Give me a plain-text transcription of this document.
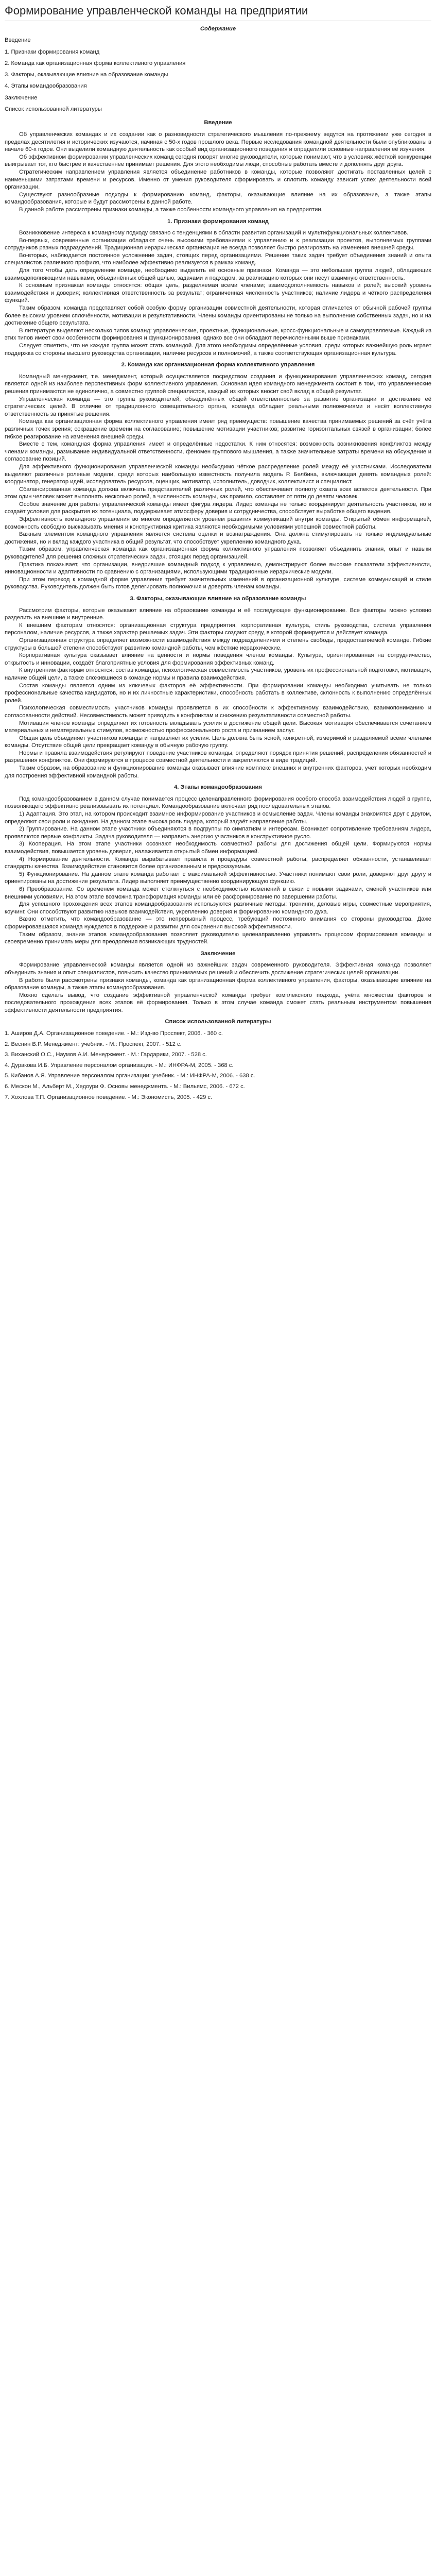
Формирование управленческой команды на предприятии
Содержание
Введение
1. Признаки формирования команд
2. Команда как организационная форма коллективного управления
3. Факторы, оказывающие влияние на образование команды
4. Этапы командообразования
Заключение
Список использованной литературы
Введение

Об управленческих командах и их создании как о разновидности стратегического мышления по-прежнему ведутся на протяжении уже сегодня в пределах десятилетия и исторических изучаются, начиная с 50-х годов прошлого века. Первые исследования командной деятельности были опубликованы в начале 60-х годов. Они выделили командную деятельность как особый вид организационного поведения и определили основные направления её изучения.

Об эффективном формировании управленческих команд сегодня говорят многие руководители, которые понимают, что в условиях жёсткой конкуренции выигрывает тот, кто быстрее и качественнее принимает решения. Для этого необходимы люди, способные работать вместе и дополнять друг друга.

Стратегическим направлением управления является объединение работников в команды, которые позволяют достигать поставленных целей с наименьшими затратами времени и ресурсов. Именно от умения руководителя сформировать и сплотить команду зависит успех деятельности всей организации.

Существуют разнообразные подходы к формированию команд, факторы, оказывающие влияние на их образование, а также этапы командообразования, которые и будут рассмотрены в данной работе.

В данной работе рассмотрены признаки команды, а также особенности командного управления на предприятии.

1. Признаки формирования команд

Возникновение интереса к командному подходу связано с тенденциями в области развития организаций и мультифункциональных коллективов.

Во-первых, современные организации обладают очень высокими требованиями к управлению и к реализации проектов, выполняемых группами сотрудников разных подразделений. Традиционная иерархическая организация не всегда позволяет быстро реагировать на изменения внешней среды.

Во-вторых, наблюдается постоянное усложнение задач, стоящих перед организациями. Решение таких задач требует объединения знаний и опыта специалистов различного профиля, что наиболее эффективно реализуется в рамках команд.

Для того чтобы дать определение команде, необходимо выделить её основные признаки. Команда — это небольшая группа людей, обладающих взаимодополняющими навыками, объединённых общей целью, задачами и подходом, за реализацию которых они несут взаимную ответственность.

К основным признакам команды относятся: общая цель, разделяемая всеми членами; взаимодополняемость навыков и ролей; высокий уровень взаимодействия и доверия; коллективная ответственность за результат; ограниченная численность участников; наличие лидера и чёткого распределения функций.

Таким образом, команда представляет собой особую форму организации совместной деятельности, которая отличается от обычной рабочей группы более высоким уровнем сплочённости, мотивации и результативности. Члены команды ориентированы не только на выполнение собственных задач, но и на достижение общего результата.

В литературе выделяют несколько типов команд: управленческие, проектные, функциональные, кросс-функциональные и самоуправляемые. Каждый из этих типов имеет свои особенности формирования и функционирования, однако все они обладают перечисленными выше признаками.

Следует отметить, что не каждая группа может стать командой. Для этого необходимы определённые условия, среди которых важнейшую роль играет поддержка со стороны высшего руководства организации, наличие ресурсов и полномочий, а также соответствующая организационная культура.

2. Команда как организационная форма коллективного управления

Командный менеджмент, т.е. менеджмент, который осуществляется посредством создания и функционирования управленческих команд, сегодня является одной из наиболее перспективных форм коллективного управления. Основная идея командного менеджмента состоит в том, что управленческие решения принимаются не единолично, а совместно группой специалистов, каждый из которых вносит свой вклад в общий результат.

Управленческая команда — это группа руководителей, объединённых общей ответственностью за развитие организации и достижение её стратегических целей. В отличие от традиционного совещательного органа, команда обладает реальными полномочиями и несёт коллективную ответственность за принятые решения.

Команда как организационная форма коллективного управления имеет ряд преимуществ: повышение качества принимаемых решений за счёт учёта различных точек зрения; сокращение времени на согласование; повышение мотивации участников; развитие горизонтальных связей в организации; более гибкое реагирование на изменения внешней среды.

Вместе с тем, командная форма управления имеет и определённые недостатки. К ним относятся: возможность возникновения конфликтов между членами команды, размывание индивидуальной ответственности, феномен группового мышления, а также значительные затраты времени на обсуждение и согласование позиций.

Для эффективного функционирования управленческой команды необходимо чёткое распределение ролей между её участниками. Исследователи выделяют различные ролевые модели, среди которых наибольшую известность получила модель Р. Белбина, включающая девять командных ролей: координатор, генератор идей, исследователь ресурсов, оценщик, мотиватор, исполнитель, доводчик, коллективист и специалист.

Сбалансированная команда должна включать представителей различных ролей, что обеспечивает полноту охвата всех аспектов деятельности. При этом один человек может выполнять несколько ролей, а численность команды, как правило, составляет от пяти до девяти человек.

Особое значение для работы управленческой команды имеет фигура лидера. Лидер команды не только координирует деятельность участников, но и создаёт условия для раскрытия их потенциала, поддерживает атмосферу доверия и сотрудничества, способствует выработке общего видения.

Эффективность командного управления во многом определяется уровнем развития коммуникаций внутри команды. Открытый обмен информацией, возможность свободно высказывать мнения и конструктивная критика являются необходимыми условиями успешной совместной работы.

Важным элементом командного управления является система оценки и вознаграждения. Она должна стимулировать не только индивидуальные достижения, но и вклад каждого участника в общий результат, что способствует укреплению командного духа.

Таким образом, управленческая команда как организационная форма коллективного управления позволяет объединить знания, опыт и навыки руководителей для решения сложных стратегических задач, стоящих перед организацией.

Практика показывает, что организации, внедрившие командный подход к управлению, демонстрируют более высокие показатели эффективности, инновационности и адаптивности по сравнению с организациями, использующими традиционные иерархические модели.

При этом переход к командной форме управления требует значительных изменений в организационной культуре, системе коммуникаций и стиле руководства. Руководитель должен быть готов делегировать полномочия и доверять членам команды.

3. Факторы, оказывающие влияние на образование команды

Рассмотрим факторы, которые оказывают влияние на образование команды и её последующее функционирование. Все факторы можно условно разделить на внешние и внутренние.

К внешним факторам относятся: организационная структура предприятия, корпоративная культура, стиль руководства, система управления персоналом, наличие ресурсов, а также характер решаемых задач. Эти факторы создают среду, в которой формируется и действует команда.

Организационная структура определяет возможности взаимодействия между подразделениями и степень свободы, предоставляемой команде. Гибкие структуры в большей степени способствуют развитию командной работы, чем жёсткие иерархические.

Корпоративная культура оказывает влияние на ценности и нормы поведения членов команды. Культура, ориентированная на сотрудничество, открытость и инновации, создаёт благоприятные условия для формирования эффективных команд.

К внутренним факторам относятся: состав команды, психологическая совместимость участников, уровень их профессиональной подготовки, мотивация, наличие общей цели, а также сложившиеся в команде нормы и правила взаимодействия.

Состав команды является одним из ключевых факторов её эффективности. При формировании команды необходимо учитывать не только профессиональные качества кандидатов, но и их личностные характеристики, способность работать в коллективе, склонность к выполнению определённых ролей.

Психологическая совместимость участников команды проявляется в их способности к эффективному взаимодействию, взаимопониманию и согласованности действий. Несовместимость может приводить к конфликтам и снижению результативности совместной работы.

Мотивация членов команды определяет их готовность вкладывать усилия в достижение общей цели. Высокая мотивация обеспечивается сочетанием материальных и нематериальных стимулов, возможностью профессионального роста и признанием заслуг.

Общая цель объединяет участников команды и направляет их усилия. Цель должна быть ясной, конкретной, измеримой и разделяемой всеми членами команды. Отсутствие общей цели превращает команду в обычную рабочую группу.

Нормы и правила взаимодействия регулируют поведение участников команды, определяют порядок принятия решений, распределения обязанностей и разрешения конфликтов. Они формируются в процессе совместной деятельности и закрепляются в виде традиций.

Таким образом, на образование и функционирование команды оказывает влияние комплекс внешних и внутренних факторов, учёт которых необходим для построения эффективной командной работы.

4. Этапы командообразования

Под командообразованием в данном случае понимается процесс целенаправленного формирования особого способа взаимодействия людей в группе, позволяющего эффективно реализовывать их потенциал. Командообразование включает ряд последовательных этапов.

1) Адаптация. Это этап, на котором происходит взаимное информирование участников и осмысление задач. Члены команды знакомятся друг с другом, определяют свои роли и ожидания. На данном этапе высока роль лидера, который задаёт направление работы.

2) Группирование. На данном этапе участники объединяются в подгруппы по симпатиям и интересам. Возникает сопротивление требованиям лидера, проявляются первые конфликты. Задача руководителя — направить энергию участников в конструктивное русло.

3) Кооперация. На этом этапе участники осознают необходимость совместной работы для достижения общей цели. Формируются нормы взаимодействия, повышается уровень доверия, налаживается открытый обмен информацией.

4) Нормирование деятельности. Команда вырабатывает правила и процедуры совместной работы, распределяет обязанности, устанавливает стандарты качества. Взаимодействие становится более организованным и предсказуемым.

5) Функционирование. На данном этапе команда работает с максимальной эффективностью. Участники понимают свои роли, доверяют друг другу и ориентированы на достижение результата. Лидер выполняет преимущественно координирующую функцию.

6) Преобразование. Со временем команда может столкнуться с необходимостью изменений в связи с новыми задачами, сменой участников или внешними условиями. На этом этапе возможна трансформация команды или её расформирование по завершении работы.

Для успешного прохождения всех этапов командообразования используются различные методы: тренинги, деловые игры, совместные мероприятия, коучинг. Они способствуют развитию навыков взаимодействия, укреплению доверия и формированию командного духа.

Важно отметить, что командообразование — это непрерывный процесс, требующий постоянного внимания со стороны руководства. Даже сформировавшаяся команда нуждается в поддержке и развитии для сохранения высокой эффективности.

Таким образом, знание этапов командообразования позволяет руководителю целенаправленно управлять процессом формирования команды и своевременно принимать меры для преодоления возникающих трудностей.

Заключение

Формирование управленческой команды является одной из важнейших задач современного руководителя. Эффективная команда позволяет объединить знания и опыт специалистов, повысить качество принимаемых решений и обеспечить достижение стратегических целей организации.

В работе были рассмотрены признаки команды, команда как организационная форма коллективного управления, факторы, оказывающие влияние на образование команды, а также этапы командообразования.

Можно сделать вывод, что создание эффективной управленческой команды требует комплексного подхода, учёта множества факторов и последовательного прохождения всех этапов её формирования. Только в этом случае команда сможет стать реальным инструментом повышения эффективности деятельности предприятия.

Список использованной литературы

1. Аширов Д.А. Организационное поведение. - М.: Изд-во Проспект, 2006. - 360 с.

2. Веснин В.Р. Менеджмент: учебник. - М.: Проспект, 2007. - 512 с.

3. Виханский О.С., Наумов А.И. Менеджмент. - М.: Гардарики, 2007. - 528 с.

4. Дуракова И.Б. Управление персоналом организации. - М.: ИНФРА-М, 2005. - 368 с.

5. Кибанов А.Я. Управление персоналом организации: учебник. - М.: ИНФРА-М, 2006. - 638 с.

6. Мескон М., Альберт М., Хедоури Ф. Основы менеджмента. - М.: Вильямс, 2006. - 672 с.

7. Хохлова Т.П. Организационное поведение. - М.: Экономистъ, 2005. - 429 с.
